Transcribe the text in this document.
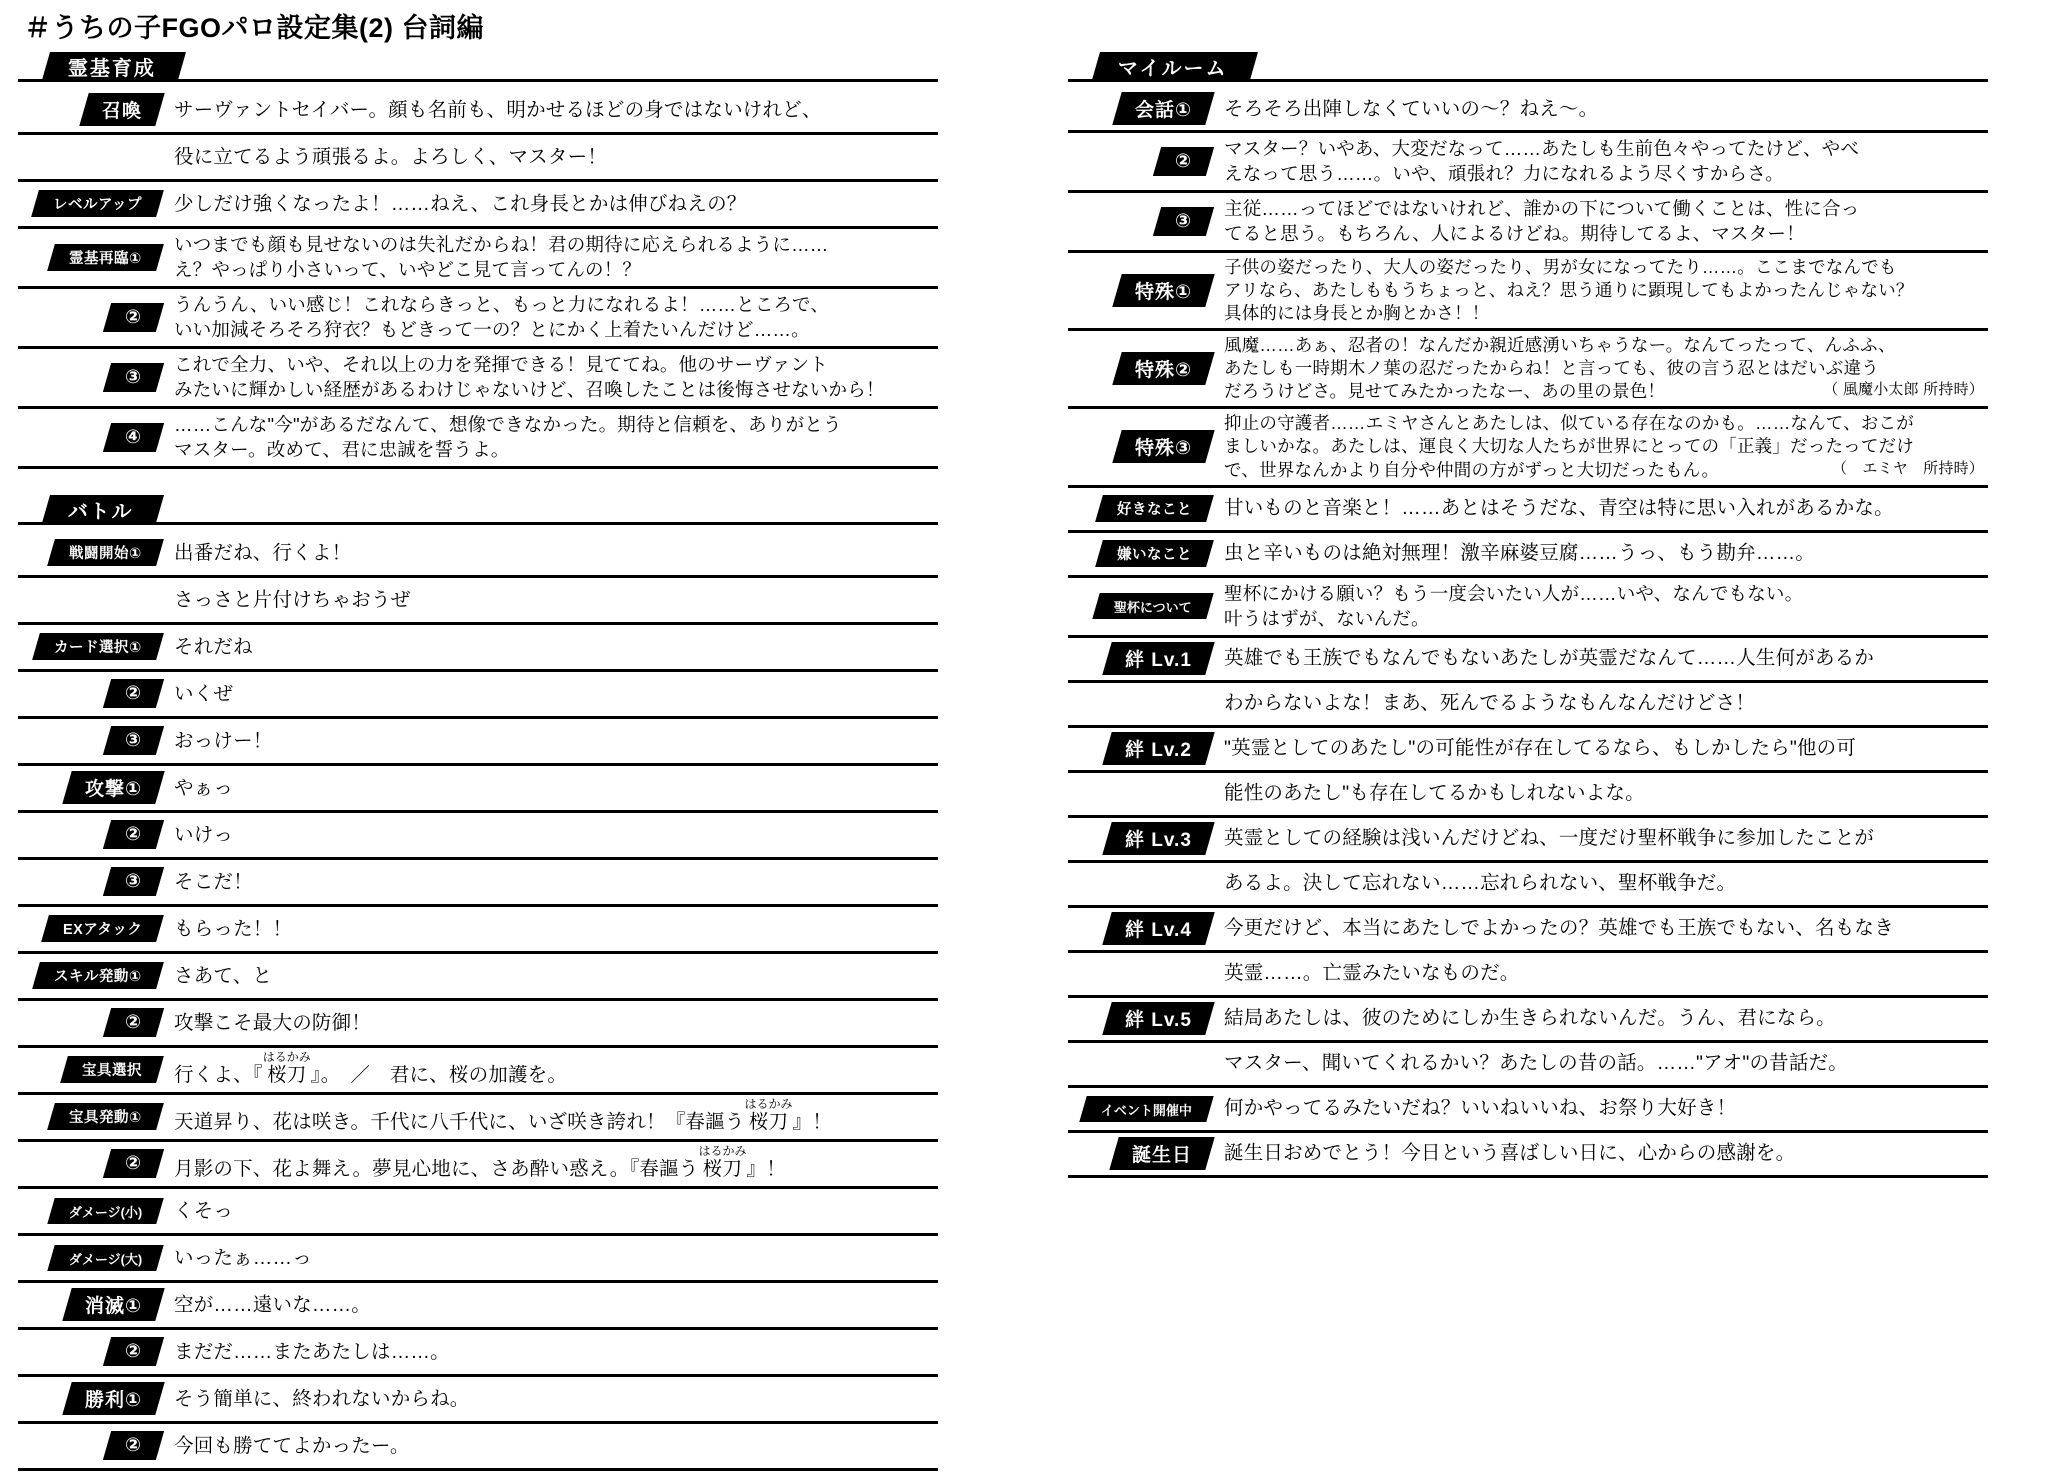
＃うちの子FGOパロ設定集(2) 台詞編
霊基育成
召喚 サーヴァントセイバー。顔も名前も、明かせるほどの身ではないけれど、
役に立てるよう頑張るよ。よろしく、マスター！
レベルアップ 少しだけ強くなったよ！……ねえ、これ身長とかは伸びねえの？
霊基再臨①
いつまでも顔も見せないのは失礼だからね！君の期待に応えられるように……
え？やっぱり小さいって、いやどこ見て言ってんの！？
②
うんうん、いい感じ！これならきっと、もっと力になれるよ！……ところで、
いい加減そろそろ狩衣？もどきって一の？とにかく上着たいんだけど……。
③
これで全力、いや、それ以上の力を発揮できる！見ててね。他のサーヴァント
みたいに輝かしい経歴があるわけじゃないけど、召喚したことは後悔させないから！
④
……こんな"今"があるだなんて、想像できなかった。期待と信頼を、ありがとう
マスター。改めて、君に忠誠を誓うよ。
バトル
戦闘開始① 出番だね、行くよ！
さっさと片付けちゃおうぜ
カード選択① それだね
② いくぜ
③ おっけー！
攻撃① やぁっ
② いけっ
③ そこだ！
EXアタック もらった！！
スキル発動① さあて、と
② 攻撃こそ最大の防御！
宝具選択 行くよ、『
はるかみ
桜刀 』。　／　君に、桜の加護を。
宝具発動① 天道昇り、花は咲き。千代に八千代に、いざ咲き誇れ！『春謳う
はるかみ
桜刀 』！
② 月影の下、花よ舞え。夢見心地に、さあ酔い惑え。『春謳う
はるかみ
桜刀 』！
ダメージ(小) くそっ
ダメージ(大) いったぁ……っ
消滅① 空が……遠いな……。
② まだだ……またあたしは……。
勝利① そう簡単に、終われないからね。
② 今回も勝ててよかったー。
マイルーム
会話① そろそろ出陣しなくていいの〜？ねえ〜。
②
マスター？いやあ、大変だなって……あたしも生前色々やってたけど、やべ
えなって思う……。いや、頑張れ？力になれるよう尽くすからさ。
③
主従……ってほどではないけれど、誰かの下について働くことは、性に合っ
てると思う。もちろん、人によるけどね。期待してるよ、マスター！
特殊①
子供の姿だったり、大人の姿だったり、男が女になってたり……。ここまでなんでも
アリなら、あたしももうちょっと、ねえ？思う通りに顕現してもよかったんじゃない？
具体的には身長とか胸とかさ！！
特殊②
風魔……あぁ、忍者の！なんだか親近感湧いちゃうなー。なんてったって、んふふ、
あたしも一時期木ノ葉の忍だったからね！と言っても、彼の言う忍とはだいぶ違う
だろうけどさ。見せてみたかったなー、あの里の景色！	（ 風魔小太郎 所持時）
特殊③
抑止の守護者……エミヤさんとあたしは、似ている存在なのかも。……なんて、おこが
ましいかな。あたしは、運良く大切な人たちが世界にとっての「正義」だったってだけ
で、世界なんかより自分や仲間の方がずっと大切だったもん。	（　エミヤ　所持時）
好きなこと 甘いものと音楽と！……あとはそうだな、青空は特に思い入れがあるかな。
嫌いなこと 虫と辛いものは絶対無理！激辛麻婆豆腐……うっ、もう勘弁……。
聖杯について
聖杯にかける願い？もう一度会いたい人が……いや、なんでもない。
叶うはずが、ないんだ。
絆 Lv.1 英雄でも王族でもなんでもないあたしが英霊だなんて……人生何があるか
わからないよな！まあ、死んでるようなもんなんだけどさ！
絆 Lv.2 "英霊としてのあたし"の可能性が存在してるなら、もしかしたら"他の可
能性のあたし"も存在してるかもしれないよな。
絆 Lv.3 英霊としての経験は浅いんだけどね、一度だけ聖杯戦争に参加したことが
あるよ。決して忘れない……忘れられない、聖杯戦争だ。
絆 Lv.4 今更だけど、本当にあたしでよかったの？英雄でも王族でもない、名もなき
英霊……。亡霊みたいなものだ。
絆 Lv.5 結局あたしは、彼のためにしか生きられないんだ。うん、君になら。
マスター、聞いてくれるかい？あたしの昔の話。……"アオ"の昔話だ。
イベント開催中 何かやってるみたいだね？いいねいいね、お祭り大好き！
誕生日 誕生日おめでとう！今日という喜ばしい日に、心からの感謝を。
